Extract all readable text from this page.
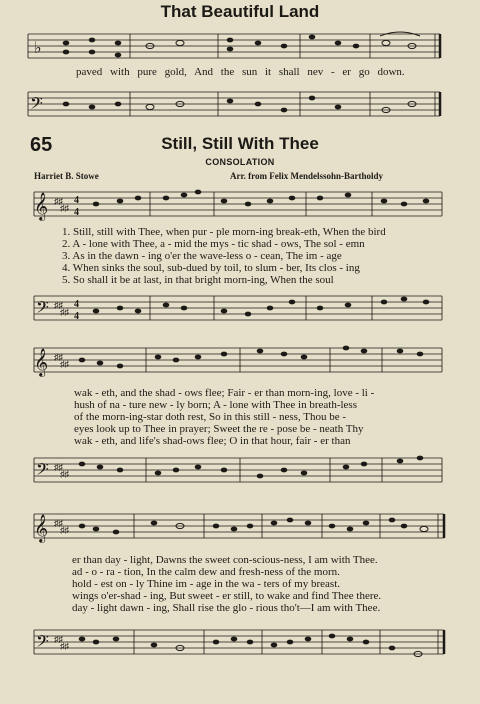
That Beautiful Land
♭
paved with pure gold, And the sun it shall nev - er go down.
𝄢
65	Still, Still With Thee
CONSOLATION
Harriet B. Stowe	Arr. from Felix Mendelssohn-Bartholdy
𝄞 ♯♯
♯♯
4
4
1. Still, still with Thee, when pur - ple morn-ing break-eth, When the bird
2. A - lone with Thee, a - mid the mys - tic shad - ows, The sol - emn
3. As in the dawn - ing o'er the wave-less o - cean, The im - age
4. When sinks the soul, sub-dued by toil, to slum - ber, Its clos - ing
5. So shall it be at last, in that bright morn-ing, When the soul
𝄢 ♯♯
♯♯
4
4
𝄞 ♯♯
♯♯
wak - eth, and the shad - ows flee; Fair - er than morn-ing, love - li -
hush of na - ture new - ly born; A - lone with Thee in breath-less
of the morn-ing-star doth rest, So in this still - ness, Thou be -
eyes look up to Thee in prayer; Sweet the re - pose be - neath Thy
wak - eth, and life's shad-ows flee; O in that hour, fair - er than
𝄢 ♯♯
♯♯
𝄞 ♯♯
♯♯
er than day - light, Dawns the sweet con-scious-ness, I am with Thee.
ad - o - ra - tion, In the calm dew and fresh-ness of the morn.
hold - est on - ly Thine im - age in the wa - ters of my breast.
wings o'er-shad - ing, But sweet - er still, to wake and find Thee there.
day - light dawn - ing, Shall rise the glo - rious tho't—I am with Thee.
𝄢 ♯♯
♯♯
